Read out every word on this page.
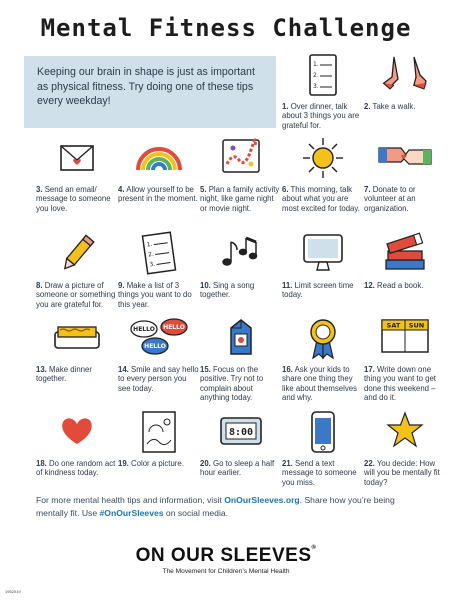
Mental Fitness Challenge
Keeping our brain in shape is just as important as physical fitness. Try doing one of these tips every weekday!
1.
2.
3.
1. Over dinner, talk about 3 things you are grateful for.
2. Take a walk.
3. Send an email/ message to someone you love.
4. Allow yourself to be present in the moment.
5. Plan a family activity night, like game night or movie night.
6. This morning, talk about what you are most excited for today.
7. Donate to or volunteer at an organization.
8. Draw a picture of someone or something you are grateful for.
1.
2.
3.
9. Make a list of 3 things you want to do this year.
10. Sing a song together.
11. Limit screen time today.
12. Read a book.
13. Make dinner together.
HELLO HELLO
HELLO
14. Smile and say hello to every person you see today.
15. Focus on the positive. Try not to complain about anything today.
16. Ask your kids to share one thing they like about themselves and why.
SAT SUN
17. Write down one thing you want to get done this weekend – and do it.
18. Do one random act of kindness today.
19. Color a picture.
8:00
20. Go to sleep a half hour earlier.
21. Send a text message to someone you miss.
22. You decide: How will you be mentally fit today?
For more mental health tips and information, visit OnOurSleeves.org. Share how you’re being mentally fit. Use #OnOurSleeves on social media.
ON OUR SLEEVES®
The Movement for Children’s Mental Health
1952019
